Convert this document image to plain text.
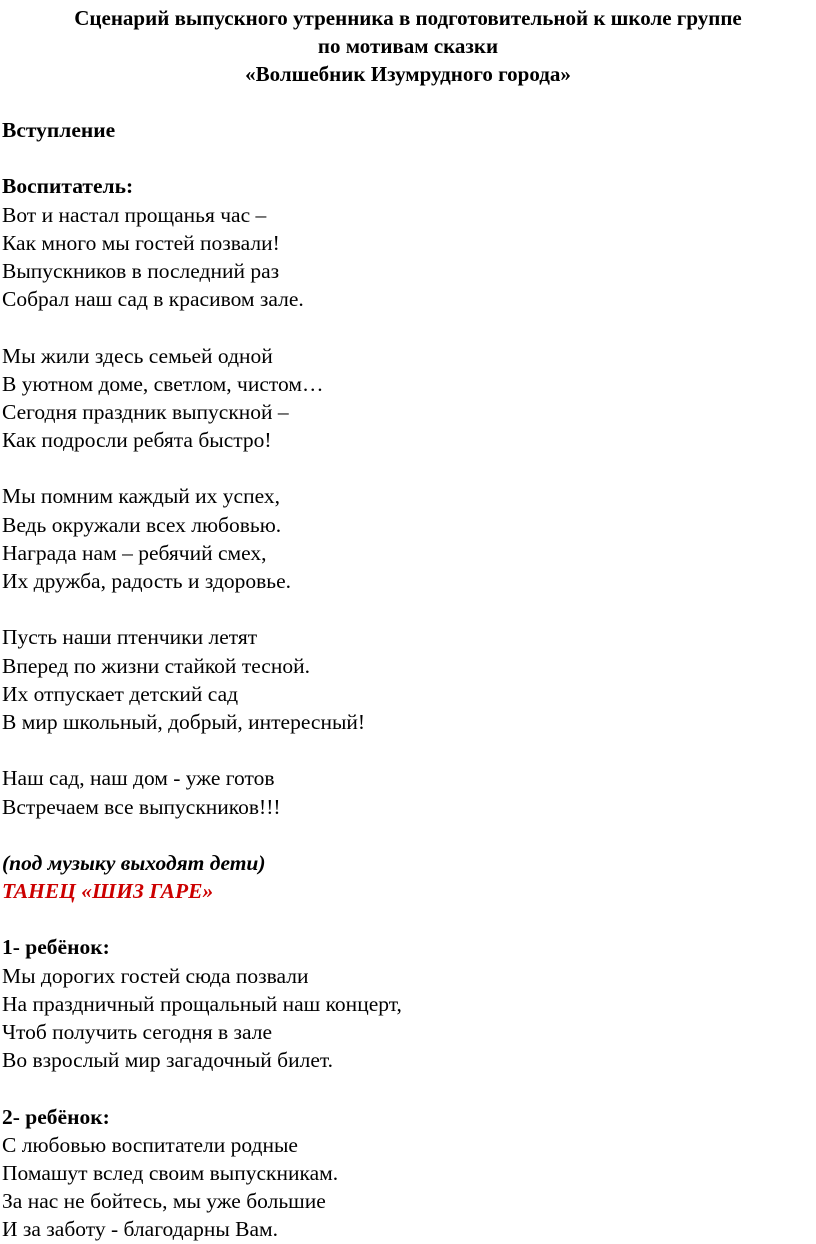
Сценарий выпускного утренника в подготовительной к школе группе
по мотивам сказки
«Волшебник Изумрудного города»
Вступление
Воспитатель:
Вот и настал прощанья час –
Как много мы гостей позвали!
Выпускников в последний раз
Собрал наш сад в красивом зале.
Мы жили здесь семьей одной
В уютном доме, светлом, чистом…
Сегодня праздник выпускной –
Как подросли ребята быстро!
Мы помним каждый их успех,
Ведь окружали всех любовью.
Награда нам – ребячий смех,
Их дружба, радость и здоровье.
Пусть наши птенчики летят
Вперед по жизни стайкой тесной.
Их отпускает детский сад
В мир школьный, добрый, интересный!
Наш сад, наш дом - уже готов
Встречаем все выпускников!!!
(под музыку выходят дети)
ТАНЕЦ «ШИЗ ГАРЕ»
1- ребёнок:
Мы дорогих гостей сюда позвали
На праздничный прощальный наш концерт,
Чтоб получить сегодня в зале
Во взрослый мир загадочный билет.
2- ребёнок:
С любовью воспитатели родные
Помашут вслед своим выпускникам.
За нас не бойтесь, мы уже большие
И за заботу - благодарны Вам.
